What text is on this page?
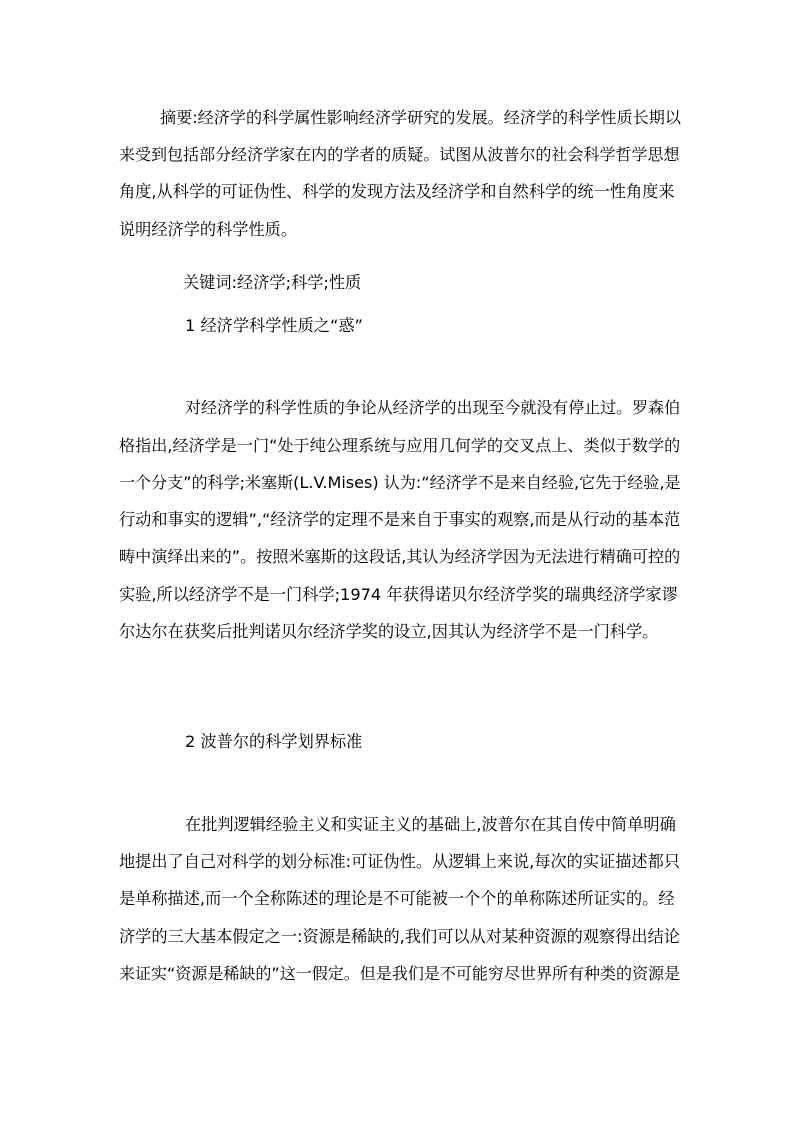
摘要:经济学的科学属性影响经济学研究的发展。经济学的科学性质长期以

来受到包括部分经济学家在内的学者的质疑。试图从波普尔的社会科学哲学思想

角度,从科学的可证伪性、科学的发现方法及经济学和自然科学的统一性角度来

说明经济学的科学性质。

关键词:经济学;科学;性质

1 经济学科学性质之“惑”

对经济学的科学性质的争论从经济学的出现至今就没有停止过。罗森伯

格指出,经济学是一门“处于纯公理系统与应用几何学的交叉点上、类似于数学的

一个分支”的科学;米塞斯(L.V.Mises) 认为:“经济学不是来自经验,它先于经验,是

行动和事实的逻辑”,“经济学的定理不是来自于事实的观察,而是从行动的基本范

畴中演绎出来的”。按照米塞斯的这段话,其认为经济学因为无法进行精确可控的

实验,所以经济学不是一门科学;1974 年获得诺贝尔经济学奖的瑞典经济学家谬

尔达尔在获奖后批判诺贝尔经济学奖的设立,因其认为经济学不是一门科学。

2 波普尔的科学划界标准

在批判逻辑经验主义和实证主义的基础上,波普尔在其自传中简单明确

地提出了自己对科学的划分标准:可证伪性。从逻辑上来说,每次的实证描述都只

是单称描述,而一个全称陈述的理论是不可能被一个个的单称陈述所证实的。经

济学的三大基本假定之一:资源是稀缺的,我们可以从对某种资源的观察得出结论

来证实“资源是稀缺的”这一假定。但是我们是不可能穷尽世界所有种类的资源是
